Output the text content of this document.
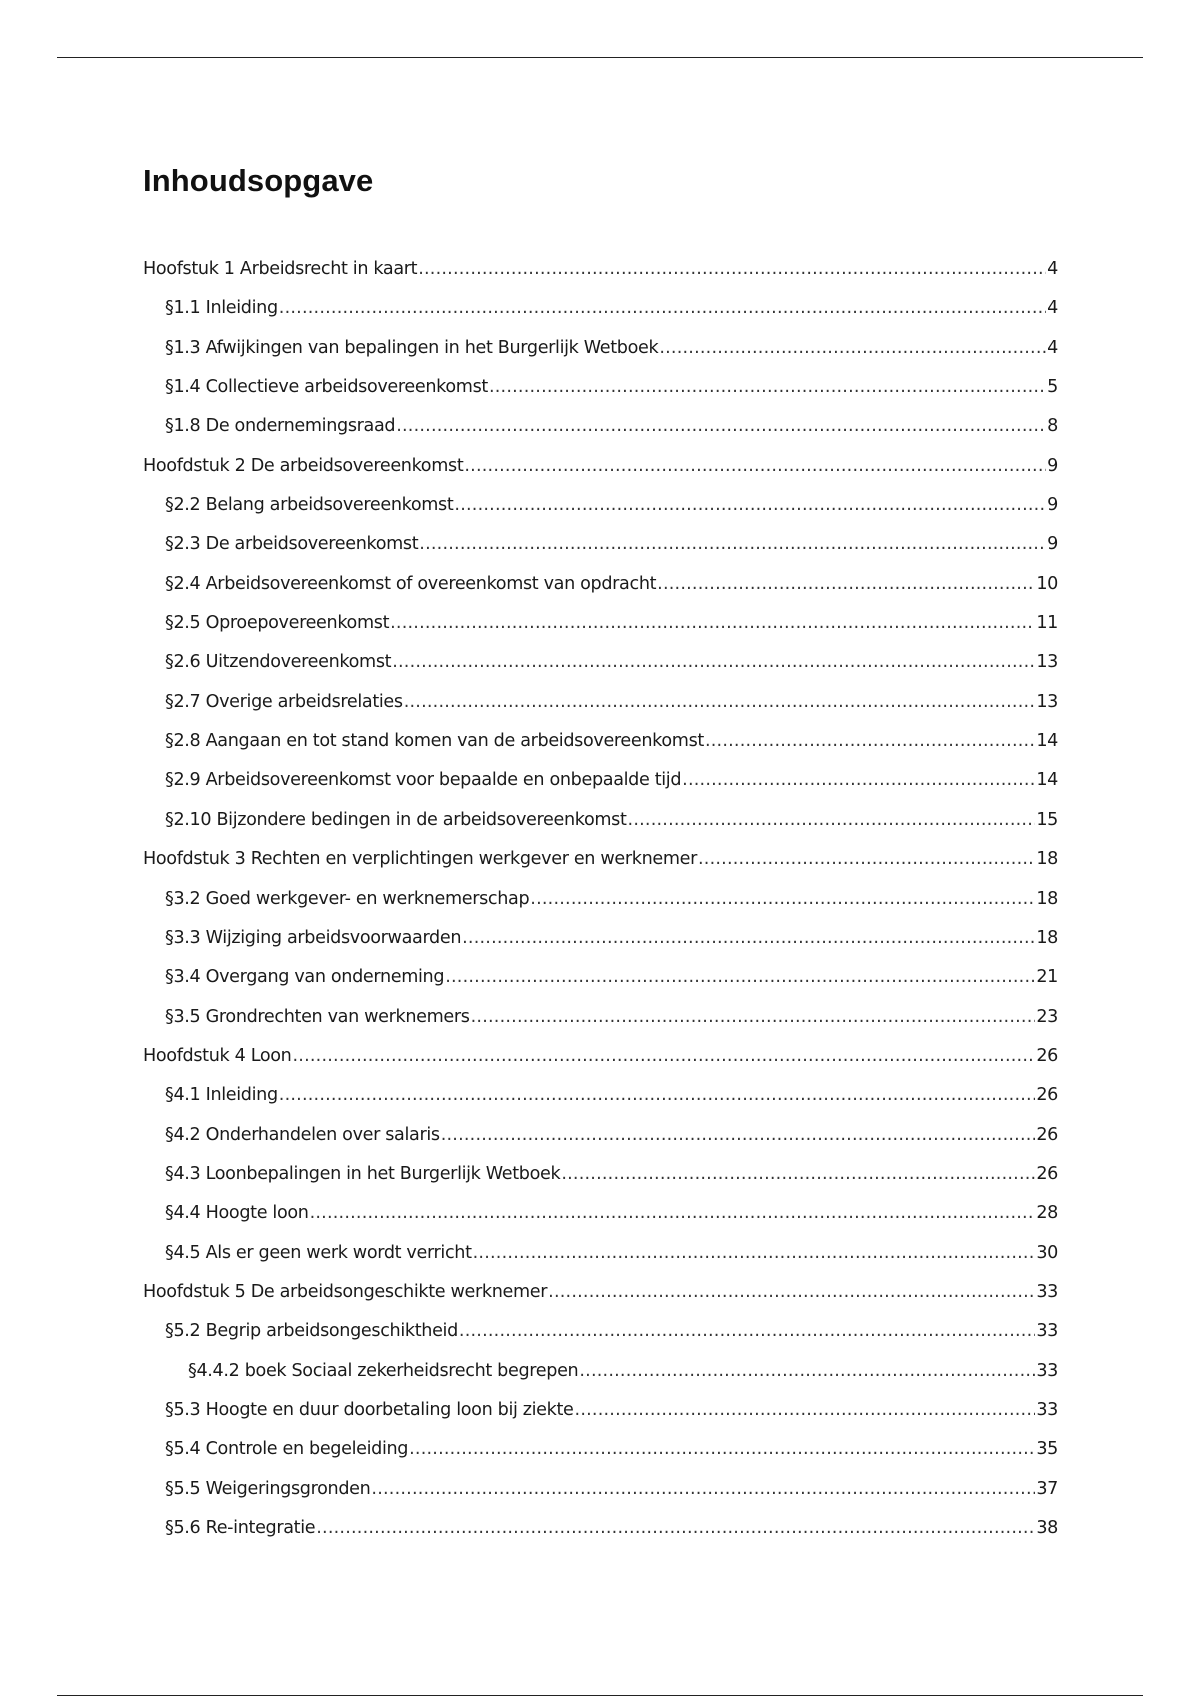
Inhoudsopgave
Hoofstuk 1 Arbeidsrecht in kaart .....	4
§1.1 Inleiding .....	4
§1.3 Afwijkingen van bepalingen in het Burgerlijk Wetboek .....	4
§1.4 Collectieve arbeidsovereenkomst .....	5
§1.8 De ondernemingsraad .....	8
Hoofdstuk 2 De arbeidsovereenkomst .....	9
§2.2 Belang arbeidsovereenkomst .....	9
§2.3 De arbeidsovereenkomst .....	9
§2.4 Arbeidsovereenkomst of overeenkomst van opdracht .....	10
§2.5 Oproepovereenkomst .....	11
§2.6 Uitzendovereenkomst .....	13
§2.7 Overige arbeidsrelaties .....	13
§2.8 Aangaan en tot stand komen van de arbeidsovereenkomst .....	14
§2.9 Arbeidsovereenkomst voor bepaalde en onbepaalde tijd .....	14
§2.10 Bijzondere bedingen in de arbeidsovereenkomst .....	15
Hoofdstuk 3 Rechten en verplichtingen werkgever en werknemer .....	18
§3.2 Goed werkgever- en werknemerschap .....	18
§3.3 Wijziging arbeidsvoorwaarden .....	18
§3.4 Overgang van onderneming .....	21
§3.5 Grondrechten van werknemers .....	23
Hoofdstuk 4 Loon .....	26
§4.1 Inleiding .....	26
§4.2 Onderhandelen over salaris .....	26
§4.3 Loonbepalingen in het Burgerlijk Wetboek .....	26
§4.4 Hoogte loon .....	28
§4.5 Als er geen werk wordt verricht .....	30
Hoofdstuk 5 De arbeidsongeschikte werknemer .....	33
§5.2 Begrip arbeidsongeschiktheid .....	33
§4.4.2 boek Sociaal zekerheidsrecht begrepen .....	33
§5.3 Hoogte en duur doorbetaling loon bij ziekte .....	33
§5.4 Controle en begeleiding .....	35
§5.5 Weigeringsgronden .....	37
§5.6 Re-integratie .....	38
